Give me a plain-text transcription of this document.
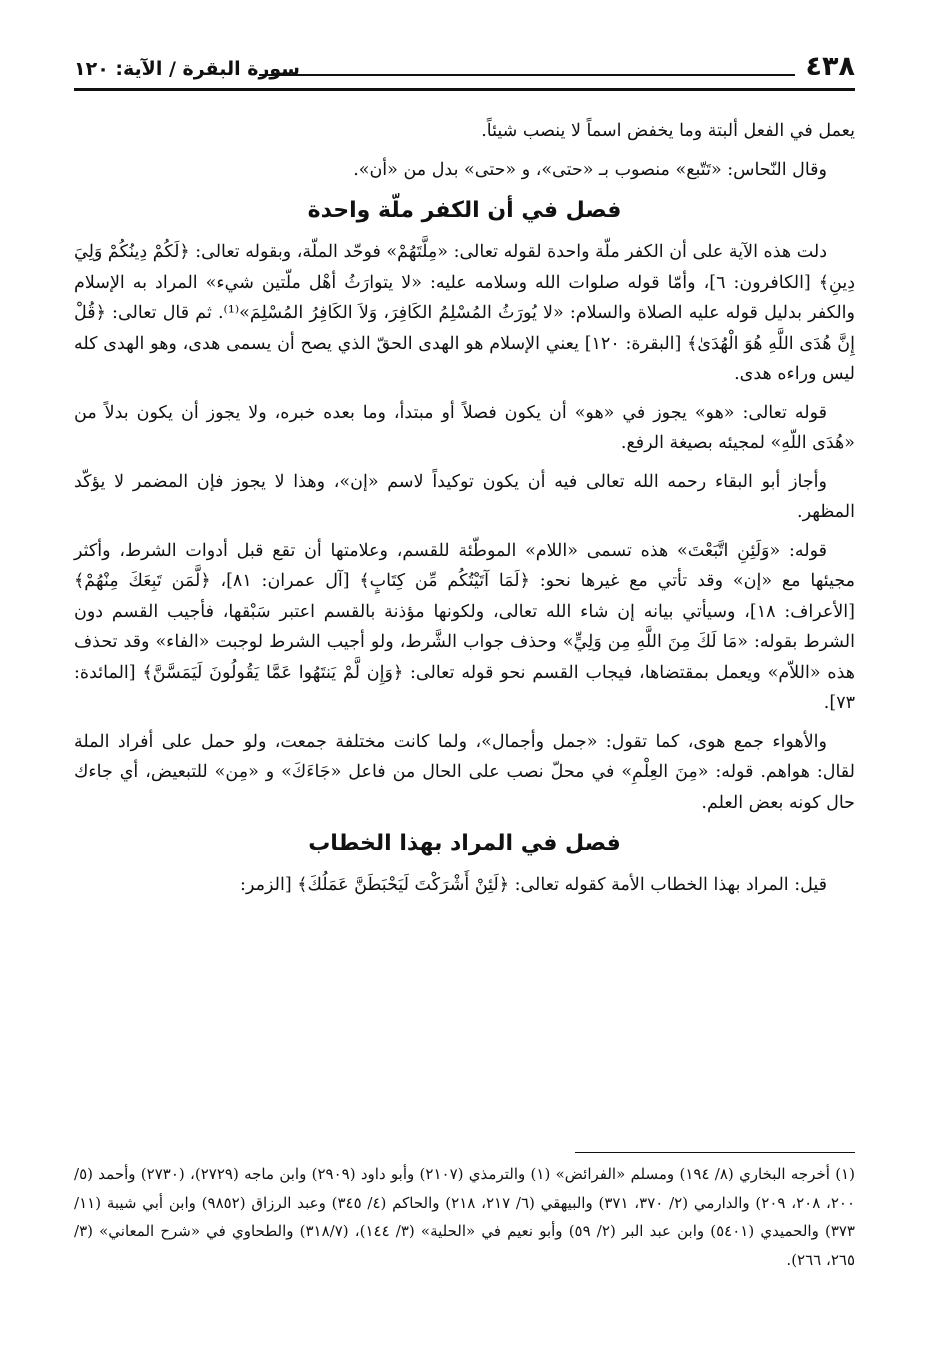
٤٣٨
سورة البقرة / الآية: ١٢٠

يعمل في الفعل ألبتة وما يخفض اسماً لا ينصب شيئاً.

وقال النّحاس: «تَتّبع» منصوب بـ «حتى»، و «حتى» بدل من «أن».

فصل في أن الكفر ملّة واحدة

دلت هذه الآية على أن الكفر ملّة واحدة لقوله تعالى: «مِلَّتَهُمْ» فوحّد الملّة، وبقوله تعالى: ﴿لَكُمْ دِينُكُمْ وَلِيَ دِينِ﴾ [الكافرون: ٦]، وأمّا قوله صلوات الله وسلامه عليه: «لا يتوارَثُ أهْل ملّتين شيء» المراد به الإسلام والكفر بدليل قوله عليه الصلاة والسلام: «لا يُورَثُ المُسْلِمُ الكَافِرَ، وَلاَ الكَافِرُ المُسْلِمَ»⁽¹⁾. ثم قال تعالى: ﴿قُلْ إِنَّ هُدَى اللَّهِ هُوَ الْهُدَىٰ﴾ [البقرة: ١٢٠] يعني الإسلام هو الهدى الحقّ الذي يصح أن يسمى هدى، وهو الهدى كله ليس وراءه هدى.

قوله تعالى: «هو» يجوز في «هو» أن يكون فصلاً أو مبتدأ، وما بعده خبره، ولا يجوز أن يكون بدلاً من «هُدَى اللّهِ» لمجيئه بصيغة الرفع.

وأجاز أبو البقاء رحمه الله تعالى فيه أن يكون توكيداً لاسم «إن»، وهذا لا يجوز فإن المضمر لا يؤكّد المظهر.

قوله: «وَلَئِنِ اتَّبَعْتَ» هذه تسمى «اللام» الموطّئة للقسم، وعلامتها أن تقع قبل أدوات الشرط، وأكثر مجيئها مع «إن» وقد تأتي مع غيرها نحو: ﴿لَمَا آتَيْتُكُم مِّن كِتَابٍ﴾ [آل عمران: ٨١]، ﴿لَّمَن تَبِعَكَ مِنْهُمْ﴾ [الأعراف: ١٨]، وسيأتي بيانه إن شاء الله تعالى، ولكونها مؤذنة بالقسم اعتبر سَبْقها، فأجيب القسم دون الشرط بقوله: «مَا لَكَ مِنَ اللَّهِ مِن وَلِيٍّ» وحذف جواب الشَّرط، ولو أجيب الشرط لوجبت «الفاء» وقد تحذف هذه «اللاّم» ويعمل بمقتضاها، فيجاب القسم نحو قوله تعالى: ﴿وَإِن لَّمْ يَنتَهُوا عَمَّا يَقُولُونَ لَيَمَسَّنَّ﴾ [المائدة: ٧٣].

والأهواء جمع هوى، كما تقول: «جمل وأجمال»، ولما كانت مختلفة جمعت، ولو حمل على أفراد الملة لقال: هواهم. قوله: «مِنَ العِلْمِ» في محلّ نصب على الحال من فاعل «جَاءَكَ» و «مِن» للتبعيض، أي جاءك حال كونه بعض العلم.

فصل في المراد بهذا الخطاب

قيل: المراد بهذا الخطاب الأمة كقوله تعالى: ﴿لَئِنْ أَشْرَكْتَ لَيَحْبَطَنَّ عَمَلُكَ﴾ [الزمر:

(١) أخرجه البخاري (٨/ ١٩٤) ومسلم «الفرائض» (١) والترمذي (٢١٠٧) وأبو داود (٢٩٠٩) وابن ماجه (٢٧٢٩)، (٢٧٣٠) وأحمد (٥/ ٢٠٠، ٢٠٨، ٢٠٩) والدارمي (٢/ ٣٧٠، ٣٧١) والبيهقي (٦/ ٢١٧، ٢١٨) والحاكم (٤/ ٣٤٥) وعبد الرزاق (٩٨٥٢) وابن أبي شيبة (١١/ ٣٧٣) والحميدي (٥٤٠١) وابن عبد البر (٢/ ٥٩) وأبو نعيم في «الحلية» (٣/ ١٤٤)، (٣١٨/٧) والطحاوي في «شرح المعاني» (٣/ ٢٦٥، ٢٦٦).
